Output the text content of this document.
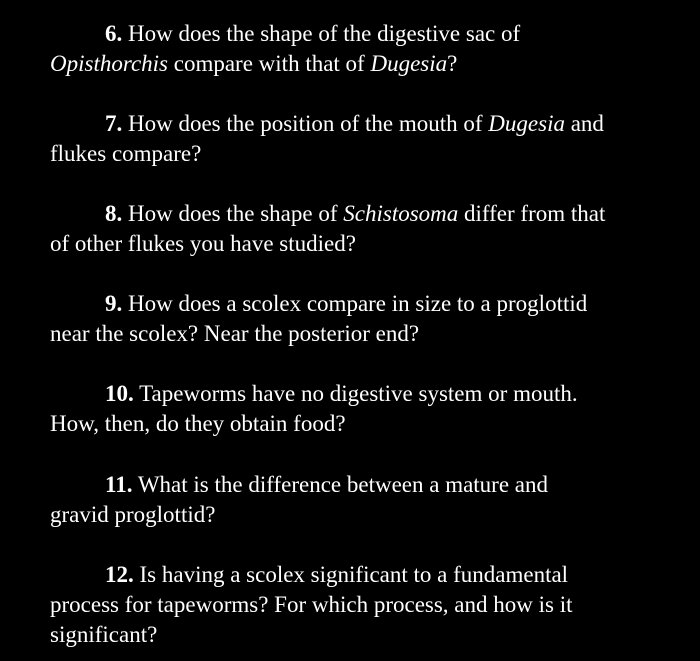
6. How does the shape of the digestive sac of
Opisthorchis compare with that of Dugesia?
7. How does the position of the mouth of Dugesia and
flukes compare?
8. How does the shape of Schistosoma differ from that
of other flukes you have studied?
9. How does a scolex compare in size to a proglottid
near the scolex? Near the posterior end?
10. Tapeworms have no digestive system or mouth.
How, then, do they obtain food?
11. What is the difference between a mature and
gravid proglottid?
12. Is having a scolex significant to a fundamental
process for tapeworms? For which process, and how is it
significant?
